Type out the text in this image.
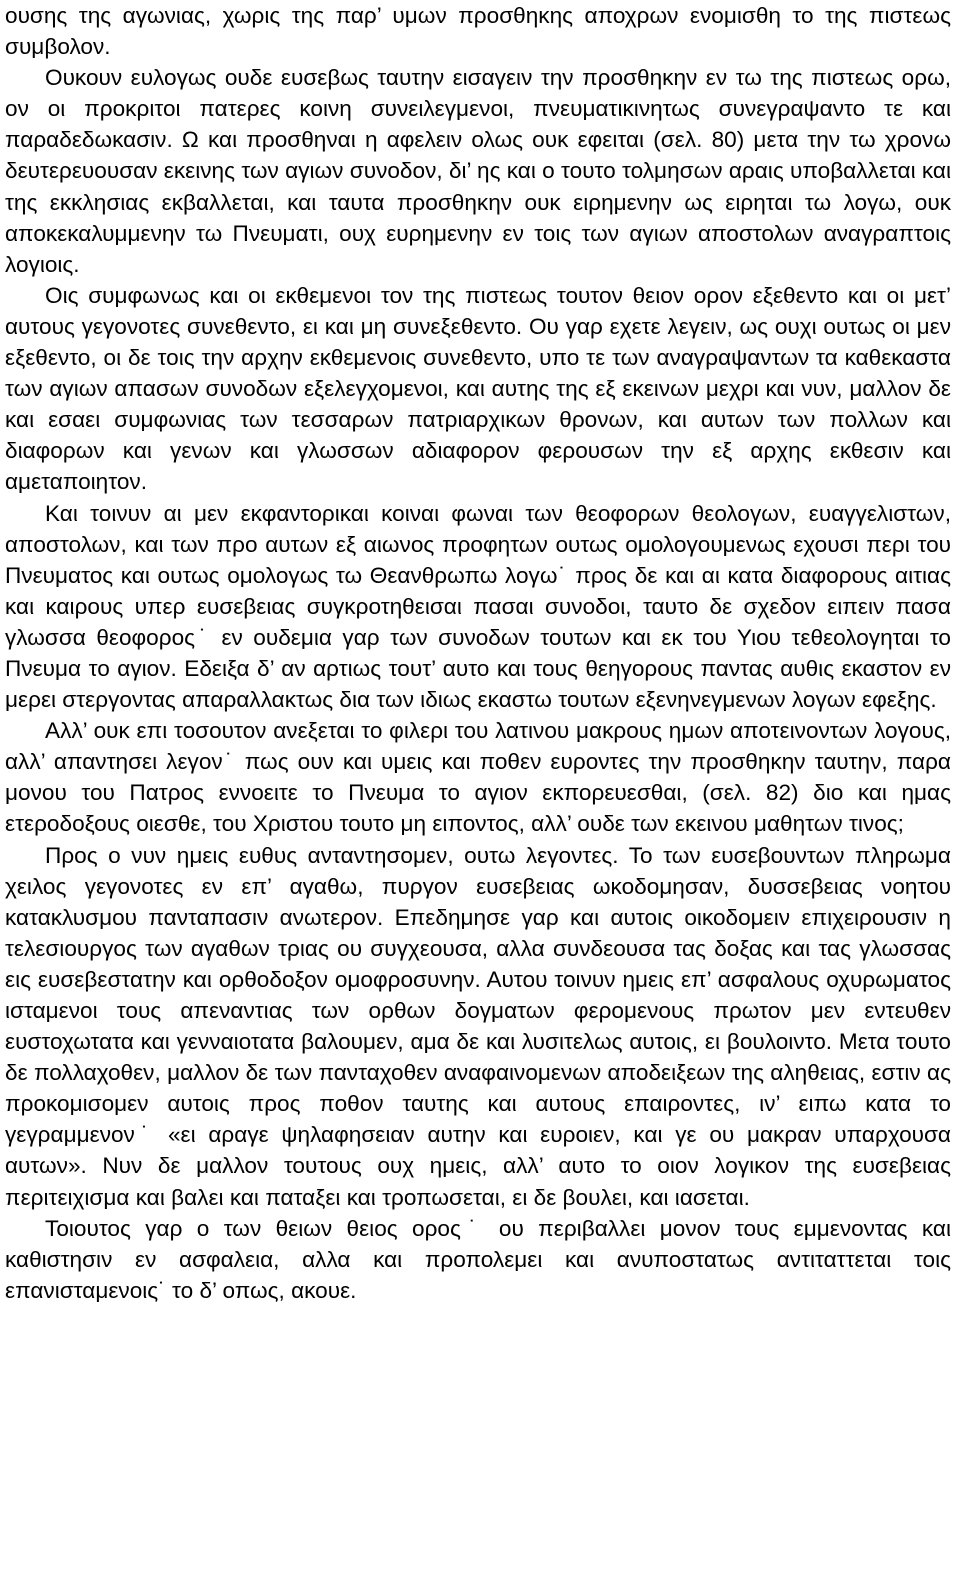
ουσης της αγωνιας, χωρις της παρ’ υμων προσθηκης αποχρων ενομισθη το της πιστεως συμβολον.

Ουκουν ευλογως ουδε ευσεβως ταυτην εισαγειν την προσθηκην εν τω της πιστεως ορω, ον οι προκριτοι πατερες κοινη συνειλεγμενοι, πνευματικινητως συνεγραψαντο τε και παραδεδωκασιν. Ω και προσθηναι η αφελειν ολως ουκ εφειται (σελ. 80) μετα την τω χρονω δευτερευουσαν εκεινης των αγιων συνοδον, δι’ ης και ο τουτο τολμησων αραις υποβαλλεται και της εκκλησιας εκβαλλεται, και ταυτα προσθηκην ουκ ειρημενην ως ειρηται τω λογω, ουκ αποκεκαλυμμενην τω Πνευματι, ουχ ευρημενην εν τοις των αγιων αποστολων αναγραπτοις λογιοις.

Οις συμφωνως και οι εκθεμενοι τον της πιστεως τουτον θειον ορον εξεθεντο και οι μετ’ αυτους γεγονοτες συνεθεντο, ει και μη συνεξεθεντο. Ου γαρ εχετε λεγειν, ως ουχι ουτως οι μεν εξεθεντο, οι δε τοις την αρχην εκθεμενοις συνεθεντο, υπο τε των αναγραψαντων τα καθεκαστα των αγιων απασων συνοδων εξελεγχομενοι, και αυτης της εξ εκεινων μεχρι και νυν, μαλλον δε και εσαει συμφωνιας των τεσσαρων πατριαρχικων θρονων, και αυτων των πολλων και διαφορων και γενων και γλωσσων αδιαφορον φερουσων την εξ αρχης εκθεσιν και αμεταποιητον.

Και τοινυν αι μεν εκφαντορικαι κοιναι φωναι των θεοφορων θεολογων, ευαγγελιστων, αποστολων, και των προ αυτων εξ αιωνος προφητων ουτως ομολογουμενως εχουσι περι του Πνευματος και ουτως ομολογως τω Θεανθρωπω λογω˙ προς δε και αι κατα διαφορους αιτιας και καιρους υπερ ευσεβειας συγκροτηθεισαι πασαι συνοδοι, ταυτο δε σχεδον ειπειν πασα γλωσσα θεοφορος˙ εν ουδεμια γαρ των συνοδων τουτων και εκ του Υιου τεθεολογηται το Πνευμα το αγιον. Εδειξα δ’ αν αρτιως τουτ’ αυτο και τους θεηγορους παντας αυθις εκαστον εν μερει στεργοντας απαραλλακτως δια των ιδιως εκαστω τουτων εξενηνεγμενων λογων εφεξης.

Αλλ’ ουκ επι τοσουτον ανεξεται το φιλερι του λατινου μακρους ημων αποτεινοντων λογους, αλλ’ απαντησει λεγον˙ πως ουν και υμεις και ποθεν ευροντες την προσθηκην ταυτην, παρα μονου του Πατρος εννοειτε το Πνευμα το αγιον εκπορευεσθαι, (σελ. 82) διο και ημας ετεροδοξους οιεσθε, του Χριστου τουτο μη ειποντος, αλλ’ ουδε των εκεινου μαθητων τινος;

Προς ο νυν ημεις ευθυς ανταντησομεν, ουτω λεγοντες. Το των ευσεβουντων πληρωμα χειλος γεγονοτες εν επ’ αγαθω, πυργον ευσεβειας ωκοδομησαν, δυσσεβειας νοητου κατακλυσμου πανταπασιν ανωτερον. Επεδημησε γαρ και αυτοις οικοδομειν επιχειρουσιν η τελεσιουργος των αγαθων τριας ου συγχεουσα, αλλα συνδεουσα τας δοξας και τας γλωσσας εις ευσεβεστατην και ορθοδοξον ομοφροσυνην. Αυτου τοινυν ημεις επ’ ασφαλους οχυρωματος ισταμενοι τους απεναντιας των ορθων δογματων φερομενους πρωτον μεν εντευθεν ευστοχωτατα και γενναιοτατα βαλουμεν, αμα δε και λυσιτελως αυτοις, ει βουλοιντο. Μετα τουτο δε πολλαχοθεν, μαλλον δε των πανταχοθεν αναφαινομενων αποδειξεων της αληθειας, εστιν ας προκομισομεν αυτοις προς ποθον ταυτης και αυτους επαιροντες, ιν’ ειπω κατα το γεγραμμενον˙ «ει αραγε ψηλαφησειαν αυτην και ευροιεν, και γε ου μακραν υπαρχουσα αυτων». Νυν δε μαλλον τουτους ουχ ημεις, αλλ’ αυτο το οιον λογικον της ευσεβειας περιτειχισμα και βαλει και παταξει και τροπωσεται, ει δε βουλει, και ιασεται.

Τοιουτος γαρ ο των θειων θειος ορος˙ ου περιβαλλει μονον τους εμμενοντας και καθιστησιν εν ασφαλεια, αλλα και προπολεμει και ανυποστατως αντιταττεται τοις επανισταμενοις˙ το δ’ οπως, ακουε.
